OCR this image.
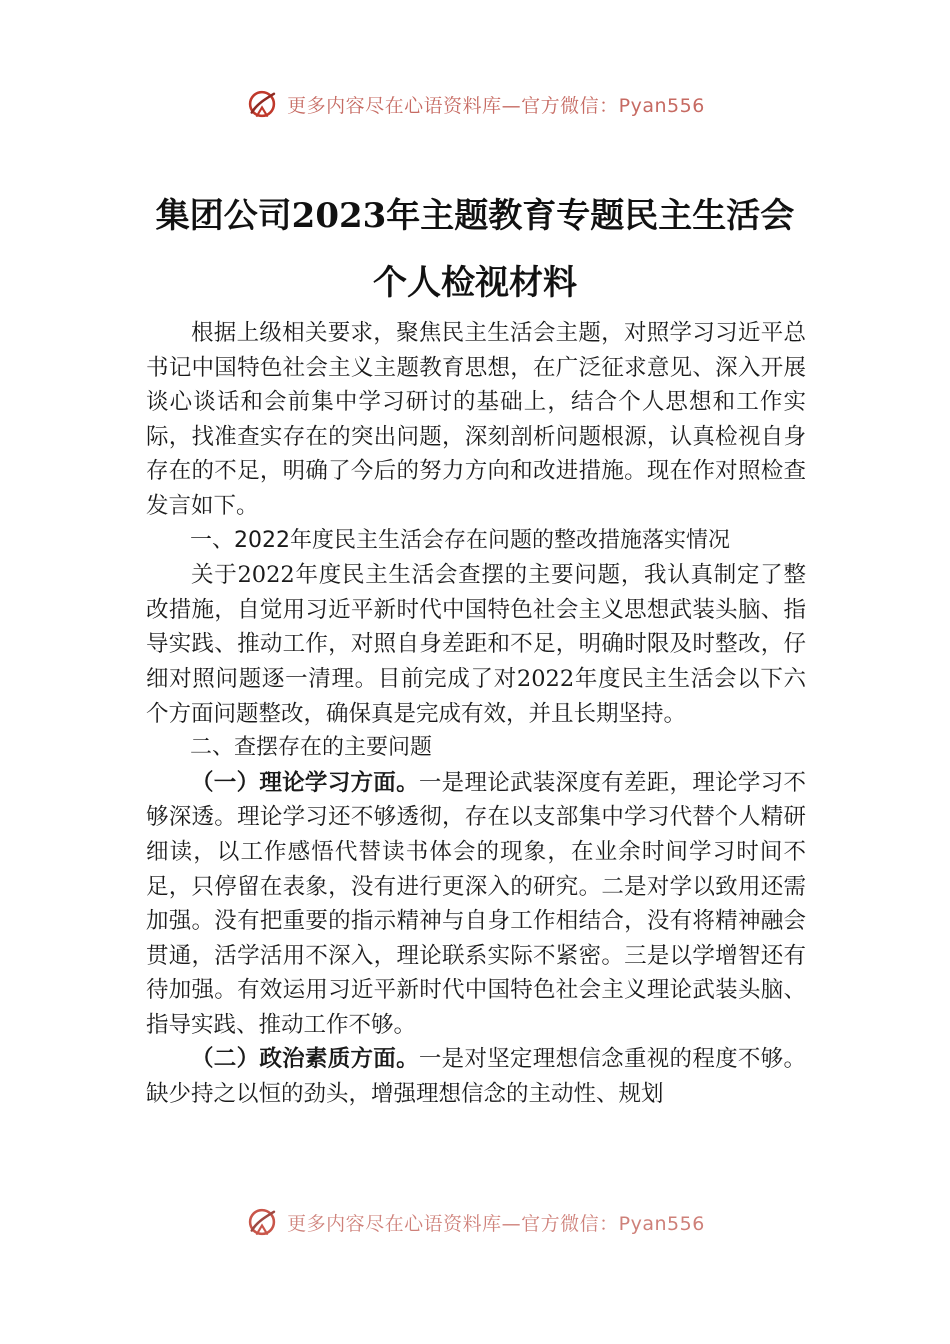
更多内容尽在心语资料库—官方微信：Pyan556
集团公司2023年主题教育专题民主生活会
个人检视材料

根据上级相关要求，聚焦民主生活会主题，对照学习习近平总书记中国特色社会主义主题教育思想，在广泛征求意见、深入开展谈心谈话和会前集中学习研讨的基础上，结合个人思想和工作实际，找准查实存在的突出问题，深刻剖析问题根源，认真检视自身存在的不足，明确了今后的努力方向和改进措施。现在作对照检查发言如下。

一、2022年度民主生活会存在问题的整改措施落实情况

关于2022年度民主生活会查摆的主要问题，我认真制定了整改措施，自觉用习近平新时代中国特色社会主义思想武装头脑、指导实践、推动工作，对照自身差距和不足，明确时限及时整改，仔细对照问题逐一清理。目前完成了对2022年度民主生活会以下六个方面问题整改，确保真是完成有效，并且长期坚持。

二、查摆存在的主要问题

（一）理论学习方面。一是理论武装深度有差距，理论学习不够深透。理论学习还不够透彻，存在以支部集中学习代替个人精研细读，以工作感悟代替读书体会的现象，在业余时间学习时间不足，只停留在表象，没有进行更深入的研究。二是对学以致用还需加强。没有把重要的指示精神与自身工作相结合，没有将精神融会贯通，活学活用不深入，理论联系实际不紧密。三是以学增智还有待加强。有效运用习近平新时代中国特色社会主义理论武装头脑、指导实践、推动工作不够。

（二）政治素质方面。一是对坚定理想信念重视的程度不够。缺少持之以恒的劲头，增强理想信念的主动性、规划

更多内容尽在心语资料库—官方微信：Pyan556
